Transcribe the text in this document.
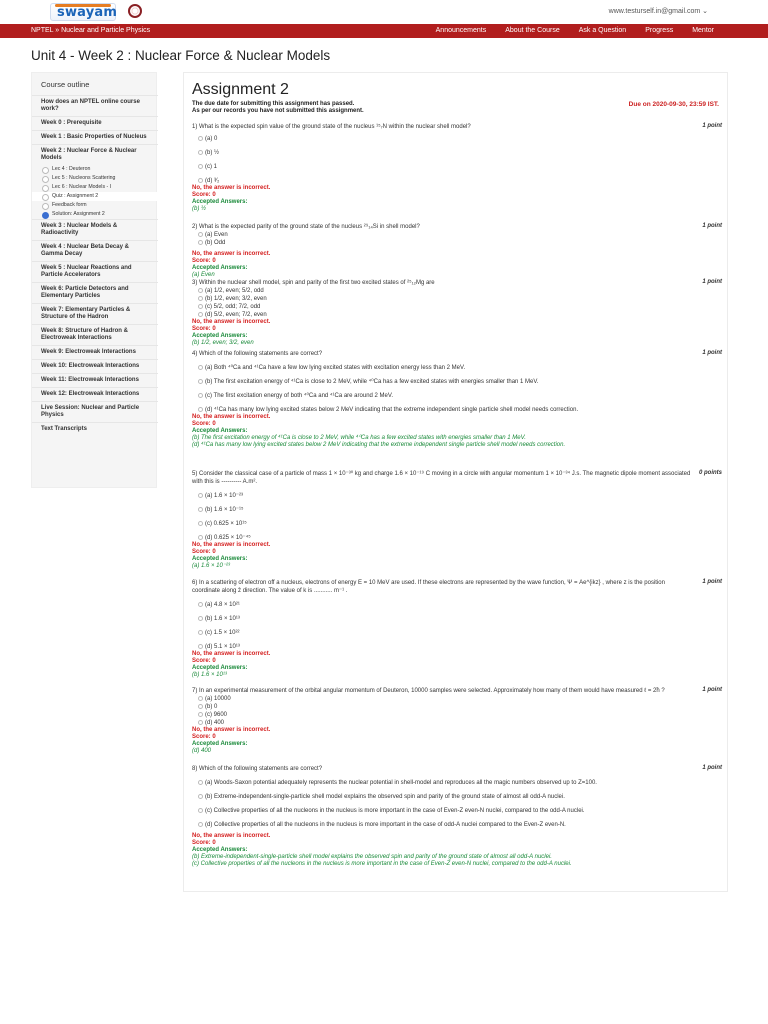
swayam	www.testurself.in@gmail.com ⌄
NPTEL » Nuclear and Particle Physics	Announcements	About the Course	Ask a Question	Progress	Mentor
Unit 4 - Week 2 : Nuclear Force & Nuclear Models
Course outline
How does an NPTEL online course work?
Week 0 : Prerequisite
Week 1 : Basic Properties of Nucleus
Week 2 : Nuclear Force & Nuclear Models
Lec 4 : Deuteron
Lec 5 : Nucleons Scattering
Lec 6 : Nuclear Models - I
Quiz : Assignment 2
Feedback form
Solution: Assignment 2
Week 3 : Nuclear Models & Radioactivity
Week 4 : Nuclear Beta Decay & Gamma Decay
Week 5 : Nuclear Reactions and Particle Accelerators
Week 6: Particle Detectors and Elementary Particles
Week 7: Elementary Particles & Structure of the Hadron
Week 8: Structure of Hadron & Electroweak Interactions
Week 9: Electroweak Interactions
Week 10: Electroweak Interactions
Week 11: Electroweak Interactions
Week 12: Electroweak Interactions
Live Session: Nuclear and Particle Physics
Text Transcripts
Assignment 2
The due date for submitting this assignment has passed.
As per our records you have not submitted this assignment.
Due on 2020-09-30, 23:59 IST.
1) What is the expected spin value of the ground state of the nucleus ¹⁵₇N within the nuclear shell model?	1 point
(a) 0
(b) ½
(c) 1
(d) ³⁄₂
No, the answer is incorrect.
Score: 0
Accepted Answers:
(b) ½
2) What is the expected parity of the ground state of the nucleus ²⁹₁₄Si in shell model?	1 point
(a) Even
(b) Odd
No, the answer is incorrect.
Score: 0
Accepted Answers:
(a) Even
3) Within the nuclear shell model, spin and parity of the first two excited states of ²⁵₁₂Mg are	1 point
(a) 1/2, even; 5/2, odd
(b) 1/2, even; 3/2, even
(c) 5/2, odd; 7/2, odd
(d) 5/2, even; 7/2, even
No, the answer is incorrect.
Score: 0
Accepted Answers:
(b) 1/2, even; 3/2, even
4) Which of the following statements are correct?	1 point
(a) Both ⁴⁰Ca and ⁴¹Ca have a few low lying excited states with excitation energy less than 2 MeV.
(b) The first excitation energy of ⁴¹Ca is close to 2 MeV, while ⁴⁰Ca has a few excited states with energies smaller than 1 MeV.
(c) The first excitation energy of both ⁴⁰Ca and ⁴¹Ca are around 2 MeV.
(d) ⁴¹Ca has many low lying excited states below 2 MeV indicating that the extreme independent single particle shell model needs correction.
No, the answer is incorrect.
Score: 0
Accepted Answers:
(b) The first excitation energy of ⁴¹Ca is close to 2 MeV, while ⁴⁰Ca has a few excited states with energies smaller than 1 MeV.
(d) ⁴¹Ca has many low lying excited states below 2 MeV indicating that the extreme independent single particle shell model needs correction.
5) Consider the classical case of a particle of mass 1 × 10⁻³⁰ kg and charge 1.6 × 10⁻¹⁹ C moving in a circle with angular momentum 1 × 10⁻³⁴ J.s. The magnetic dipole moment associated with this is ---------- A.m².
0 points
(a) 1.6 × 10⁻²³
(b) 1.6 × 10⁻¹⁵
(c) 0.625 × 10¹⁵
(d) 0.625 × 10⁻⁴⁵
No, the answer is incorrect.
Score: 0
Accepted Answers:
(a) 1.6 × 10⁻²³
6) In a scattering of electron off a nucleus, electrons of energy E = 10 MeV are used. If these electrons are represented by the wave function, Ψ = Ae^{ikz} , where z is the position coordinate along ẑ direction. The value of k is ........... m⁻¹ .
1 point
(a) 4.8 × 10²¹
(b) 1.6 × 10¹³
(c) 1.5 × 10²²
(d) 5.1 × 10¹³
No, the answer is incorrect.
Score: 0
Accepted Answers:
(b) 1.6 × 10¹³
7) In an experimental measurement of the orbital angular momentum of Deuteron, 10000 samples were selected. Approximately how many of them would have measured ℓ = 2ħ ?	1 point
(a) 10000
(b) 0
(c) 9600
(d) 400
No, the answer is incorrect.
Score: 0
Accepted Answers:
(d) 400
8) Which of the following statements are correct?	1 point
(a) Woods-Saxon potential adequately represents the nuclear potential in shell-model and reproduces all the magic numbers observed up to Z=100.
(b) Extreme-independent-single-particle shell model explains the observed spin and parity of the ground state of almost all odd-A nuclei.
(c) Collective properties of all the nucleons in the nucleus is more important in the case of Even-Z even-N nuclei, compared to the odd-A nuclei.
(d) Collective properties of all the nucleons in the nucleus is more important in the case of odd-A nuclei compared to the Even-Z even-N.
No, the answer is incorrect.
Score: 0
Accepted Answers:
(b) Extreme-independent-single-particle shell model explains the observed spin and parity of the ground state of almost all odd-A nuclei.
(c) Collective properties of all the nucleons in the nucleus is more important in the case of Even-Z even-N nuclei, compared to the odd-A nuclei.
